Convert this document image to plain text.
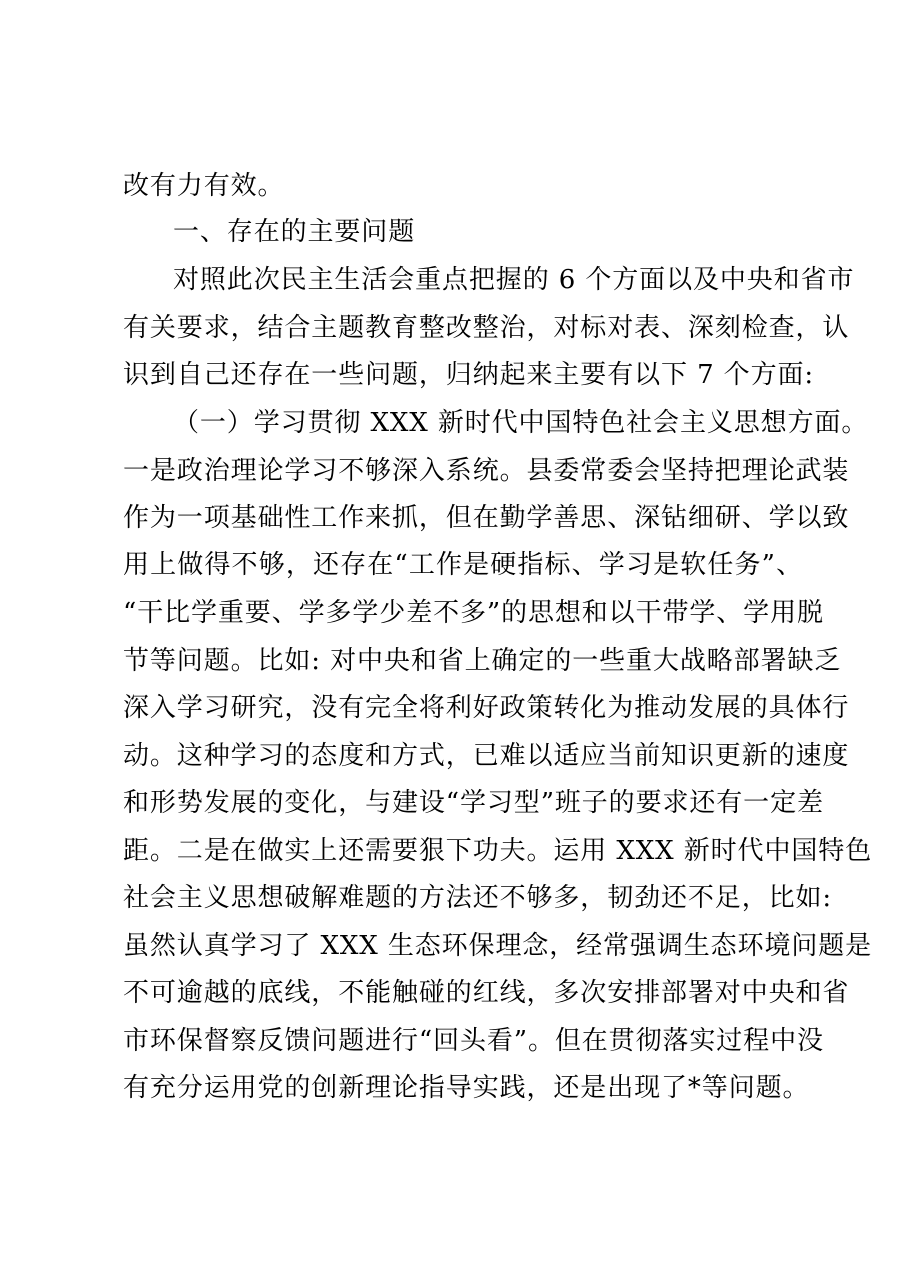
改有力有效。
一、存在的主要问题
对照此次民主生活会重点把握的 6 个方面以及中央和省市
有关要求，结合主题教育整改整治，对标对表、深刻检查，认
识到自己还存在一些问题，归纳起来主要有以下 7 个方面:
（一）学习贯彻 XXX 新时代中国特色社会主义思想方面。
一是政治理论学习不够深入系统。县委常委会坚持把理论武装
作为一项基础性工作来抓，但在勤学善思、深钻细研、学以致
用上做得不够，还存在“工作是硬指标、学习是软任务”、
“干比学重要、学多学少差不多”的思想和以干带学、学用脱
节等问题。比如: 对中央和省上确定的一些重大战略部署缺乏
深入学习研究，没有完全将利好政策转化为推动发展的具体行
动。这种学习的态度和方式，已难以适应当前知识更新的速度
和形势发展的变化，与建设“学习型”班子的要求还有一定差
距。二是在做实上还需要狠下功夫。运用 XXX 新时代中国特色
社会主义思想破解难题的方法还不够多，韧劲还不足，比如:
虽然认真学习了 XXX 生态环保理念，经常强调生态环境问题是
不可逾越的底线，不能触碰的红线，多次安排部署对中央和省
市环保督察反馈问题进行“回头看”。但在贯彻落实过程中没
有充分运用党的创新理论指导实践，还是出现了*等问题。
